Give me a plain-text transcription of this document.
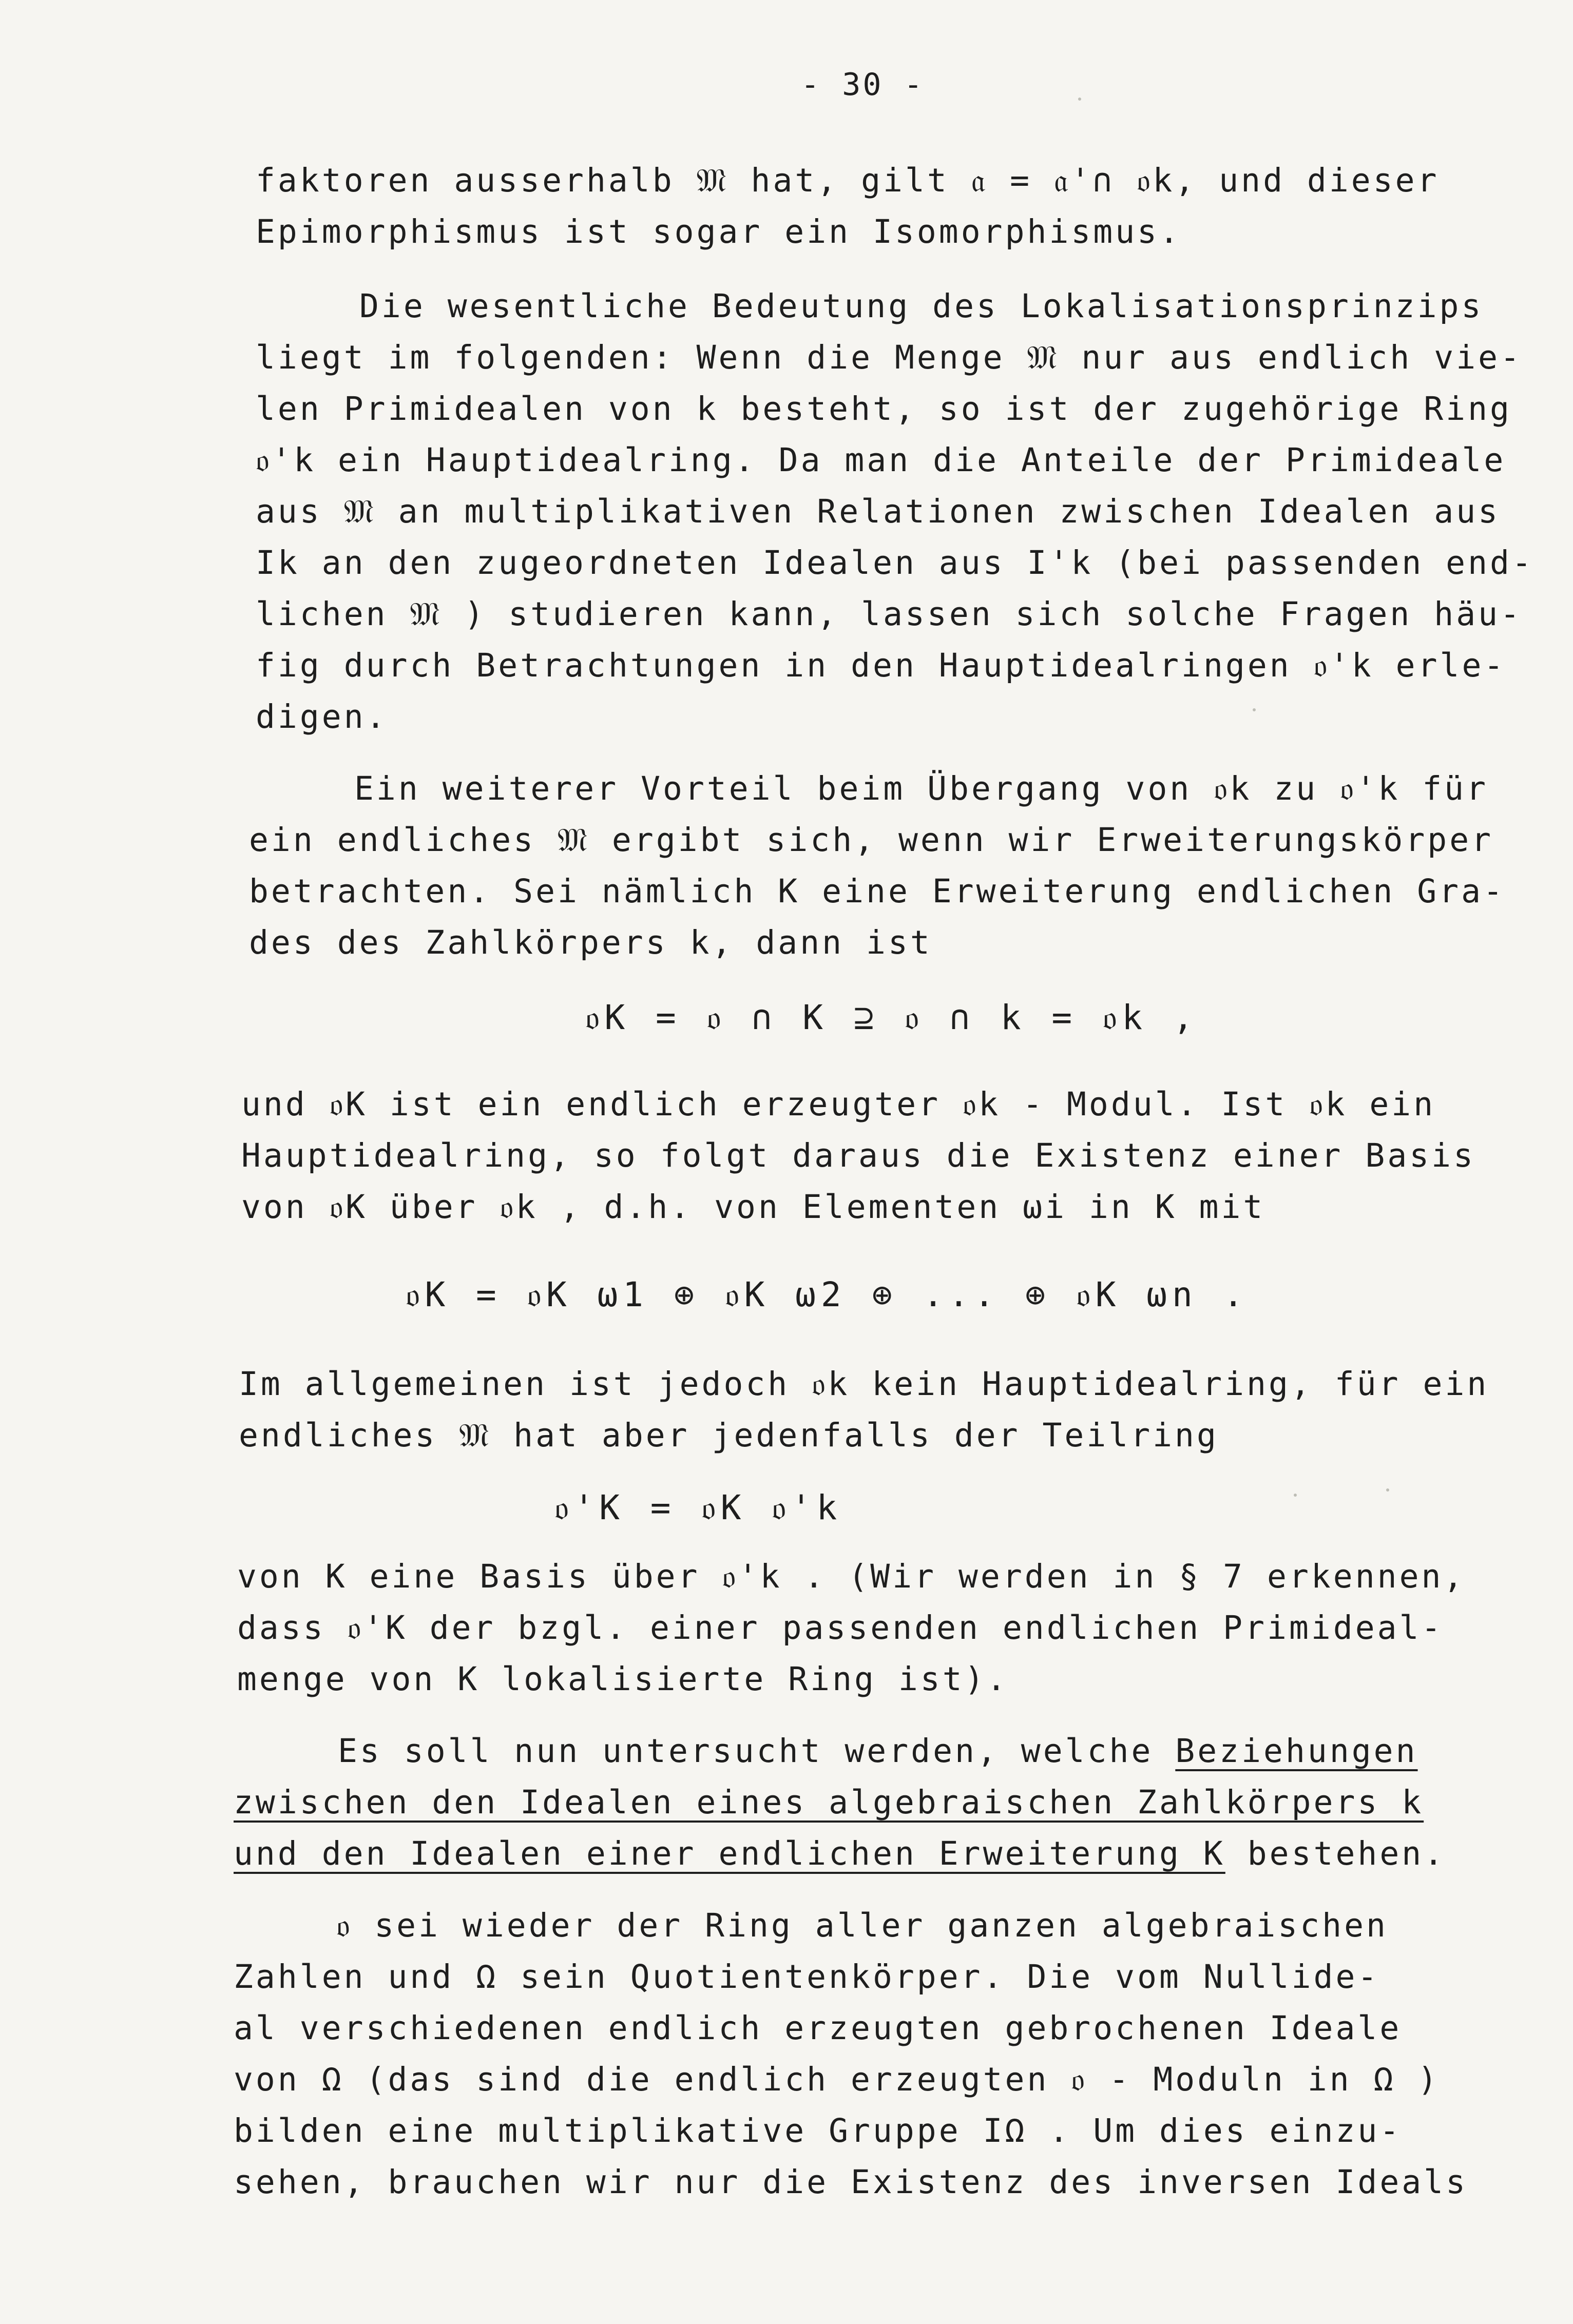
- 30 -
faktoren ausserhalb 𝔐 hat, gilt 𝔞 = 𝔞'∩ 𝔬k, und dieser
Epimorphismus ist sogar ein Isomorphismus.
Die wesentliche Bedeutung des Lokalisationsprinzips
liegt im folgenden: Wenn die Menge 𝔐 nur aus endlich vie-
len Primidealen von k besteht, so ist der zugehörige Ring
𝔬'k ein Hauptidealring. Da man die Anteile der Primideale
aus 𝔐 an multiplikativen Relationen zwischen Idealen aus
Ik an den zugeordneten Idealen aus I'k (bei passenden end-
lichen 𝔐 ) studieren kann, lassen sich solche Fragen häu-
fig durch Betrachtungen in den Hauptidealringen 𝔬'k erle-
digen.
Ein weiterer Vorteil beim Übergang von 𝔬k zu 𝔬'k für
ein endliches 𝔐 ergibt sich, wenn wir Erweiterungskörper
betrachten. Sei nämlich K eine Erweiterung endlichen Gra-
des des Zahlkörpers k, dann ist
𝔬K = 𝔬 ∩ K ⊇ 𝔬 ∩ k = 𝔬k ,
und 𝔬K ist ein endlich erzeugter 𝔬k - Modul. Ist 𝔬k ein
Hauptidealring, so folgt daraus die Existenz einer Basis
von 𝔬K über 𝔬k , d.h. von Elementen ωi in K mit
𝔬K = 𝔬K ω1 ⊕ 𝔬K ω2 ⊕ ... ⊕ 𝔬K ωn .
Im allgemeinen ist jedoch 𝔬k kein Hauptidealring, für ein
endliches 𝔐 hat aber jedenfalls der Teilring
𝔬'K = 𝔬K 𝔬'k
von K eine Basis über 𝔬'k . (Wir werden in § 7 erkennen,
dass 𝔬'K der bzgl. einer passenden endlichen Primideal-
menge von K lokalisierte Ring ist).
Es soll nun untersucht werden, welche Beziehungen
zwischen den Idealen eines algebraischen Zahlkörpers k
und den Idealen einer endlichen Erweiterung K bestehen.
𝔬 sei wieder der Ring aller ganzen algebraischen
Zahlen und Ω sein Quotientenkörper. Die vom Nullide-
al verschiedenen endlich erzeugten gebrochenen Ideale
von Ω (das sind die endlich erzeugten 𝔬 - Moduln in Ω )
bilden eine multiplikative Gruppe IΩ . Um dies einzu-
sehen, brauchen wir nur die Existenz des inversen Ideals
